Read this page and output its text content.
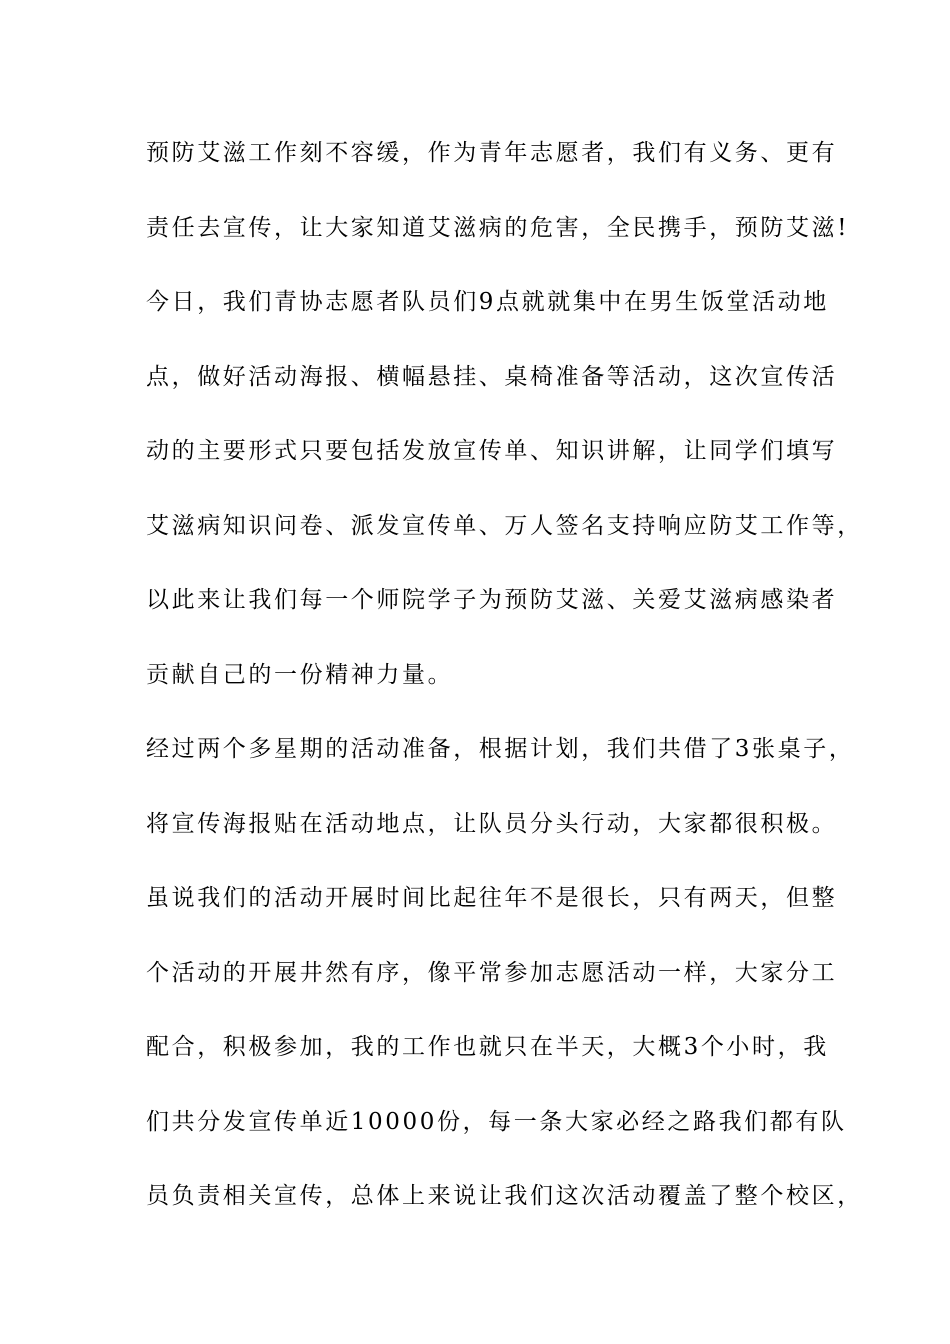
预防艾滋工作刻不容缓，作为青年志愿者，我们有义务、更有
责任去宣传，让大家知道艾滋病的危害，全民携手，预防艾滋!
今日，我们青协志愿者队员们9点就就集中在男生饭堂活动地
点，做好活动海报、横幅悬挂、桌椅准备等活动，这次宣传活
动的主要形式只要包括发放宣传单、知识讲解，让同学们填写
艾滋病知识问卷、派发宣传单、万人签名支持响应防艾工作等，
以此来让我们每一个师院学子为预防艾滋、关爱艾滋病感染者
贡献自己的一份精神力量。
经过两个多星期的活动准备，根据计划，我们共借了3张桌子，
将宣传海报贴在活动地点，让队员分头行动，大家都很积极。
虽说我们的活动开展时间比起往年不是很长，只有两天，但整
个活动的开展井然有序，像平常参加志愿活动一样，大家分工
配合，积极参加，我的工作也就只在半天，大概3个小时，我
们共分发宣传单近10000份，每一条大家必经之路我们都有队
员负责相关宣传，总体上来说让我们这次活动覆盖了整个校区，
